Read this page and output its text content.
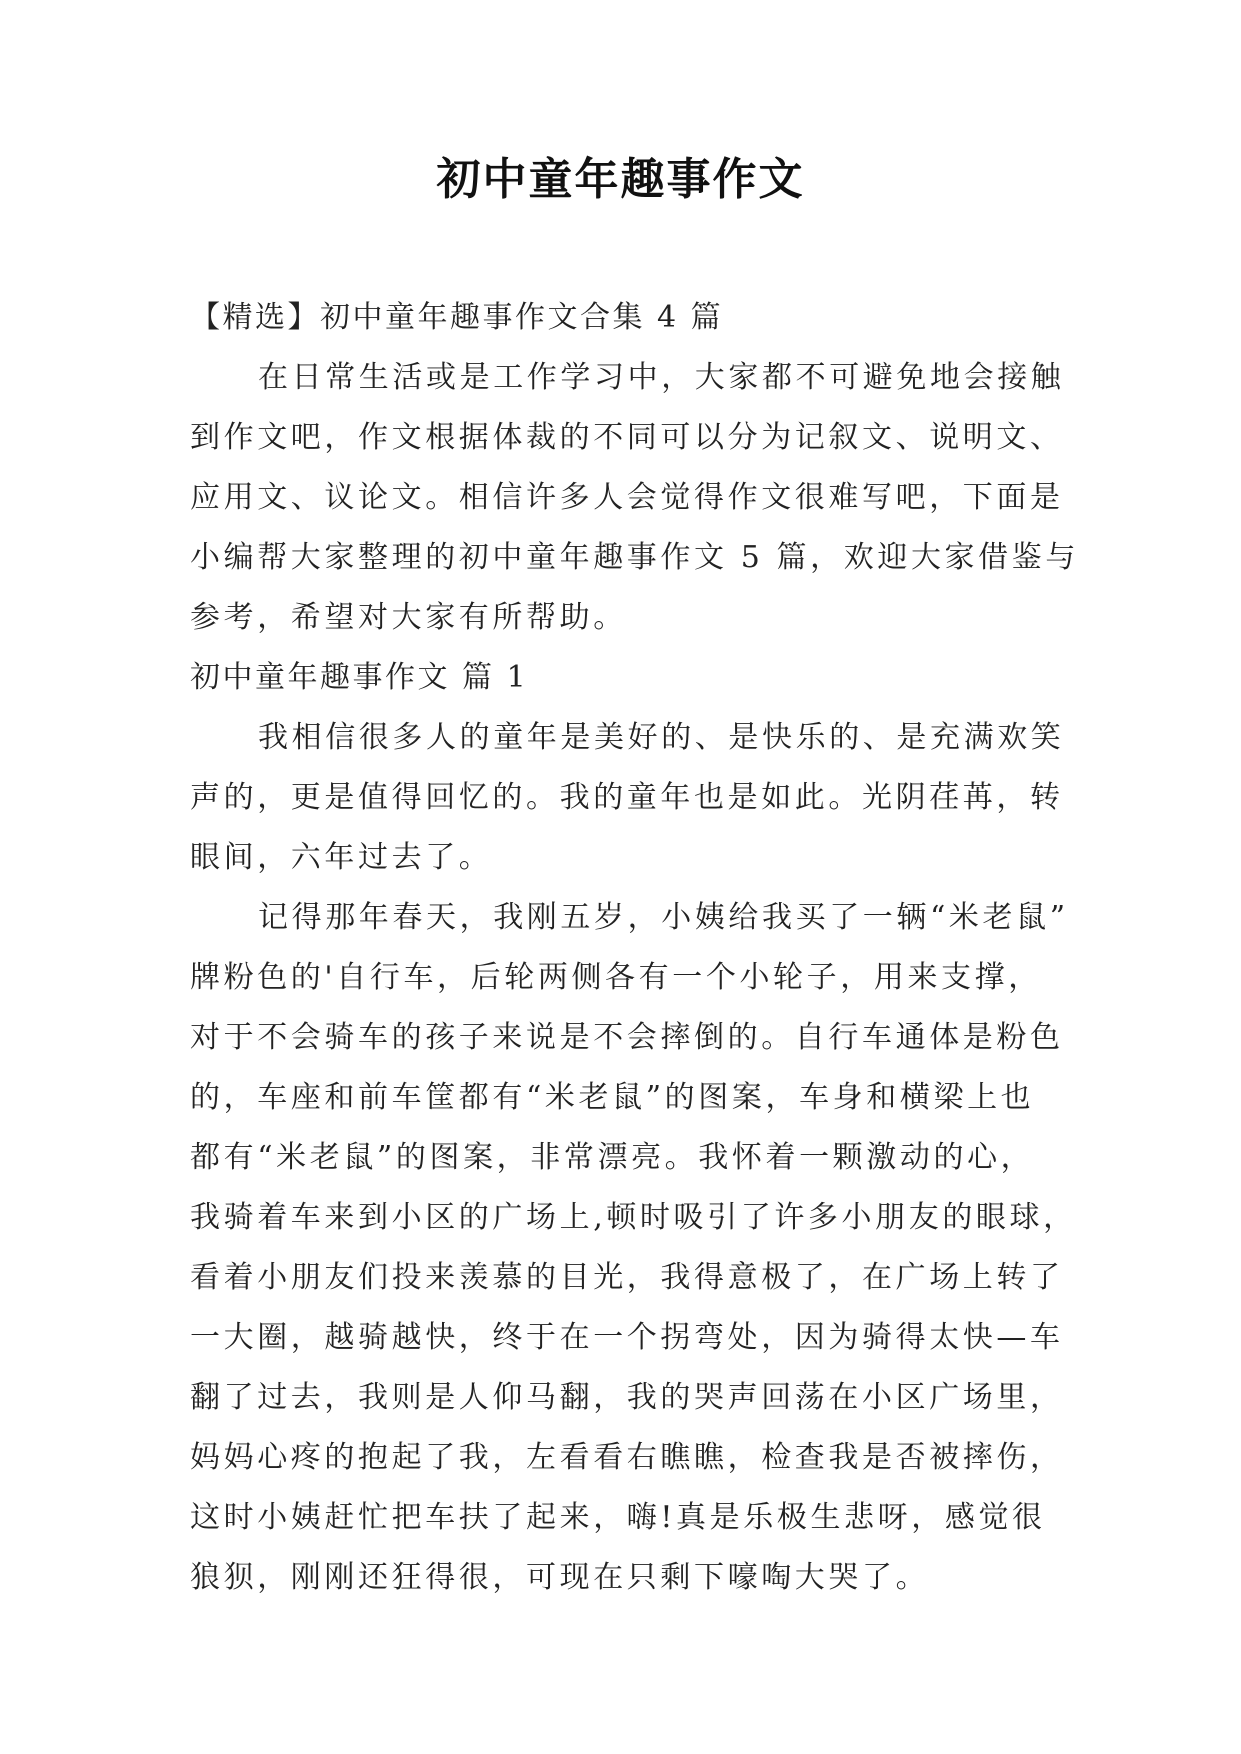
初中童年趣事作文
【精选】初中童年趣事作文合集 4 篇
在日常生活或是工作学习中，大家都不可避免地会接触
到作文吧，作文根据体裁的不同可以分为记叙文、说明文、
应用文、议论文。相信许多人会觉得作文很难写吧，下面是
小编帮大家整理的初中童年趣事作文 5 篇，欢迎大家借鉴与
参考，希望对大家有所帮助。
初中童年趣事作文 篇 1
我相信很多人的童年是美好的、是快乐的、是充满欢笑
声的，更是值得回忆的。我的童年也是如此。光阴荏苒，转
眼间，六年过去了。
记得那年春天，我刚五岁，小姨给我买了一辆“米老鼠”
牌粉色的'自行车，后轮两侧各有一个小轮子，用来支撑，
对于不会骑车的孩子来说是不会摔倒的。自行车通体是粉色
的，车座和前车筐都有“米老鼠”的图案，车身和横梁上也
都有“米老鼠”的图案，非常漂亮。我怀着一颗激动的心，
我骑着车来到小区的广场上,顿时吸引了许多小朋友的眼球，
看着小朋友们投来羡慕的目光，我得意极了，在广场上转了
一大圈，越骑越快，终于在一个拐弯处，因为骑得太快—车
翻了过去，我则是人仰马翻，我的哭声回荡在小区广场里，
妈妈心疼的抱起了我，左看看右瞧瞧，检查我是否被摔伤，
这时小姨赶忙把车扶了起来，嗨!真是乐极生悲呀，感觉很
狼狈，刚刚还狂得很，可现在只剩下嚎啕大哭了。
